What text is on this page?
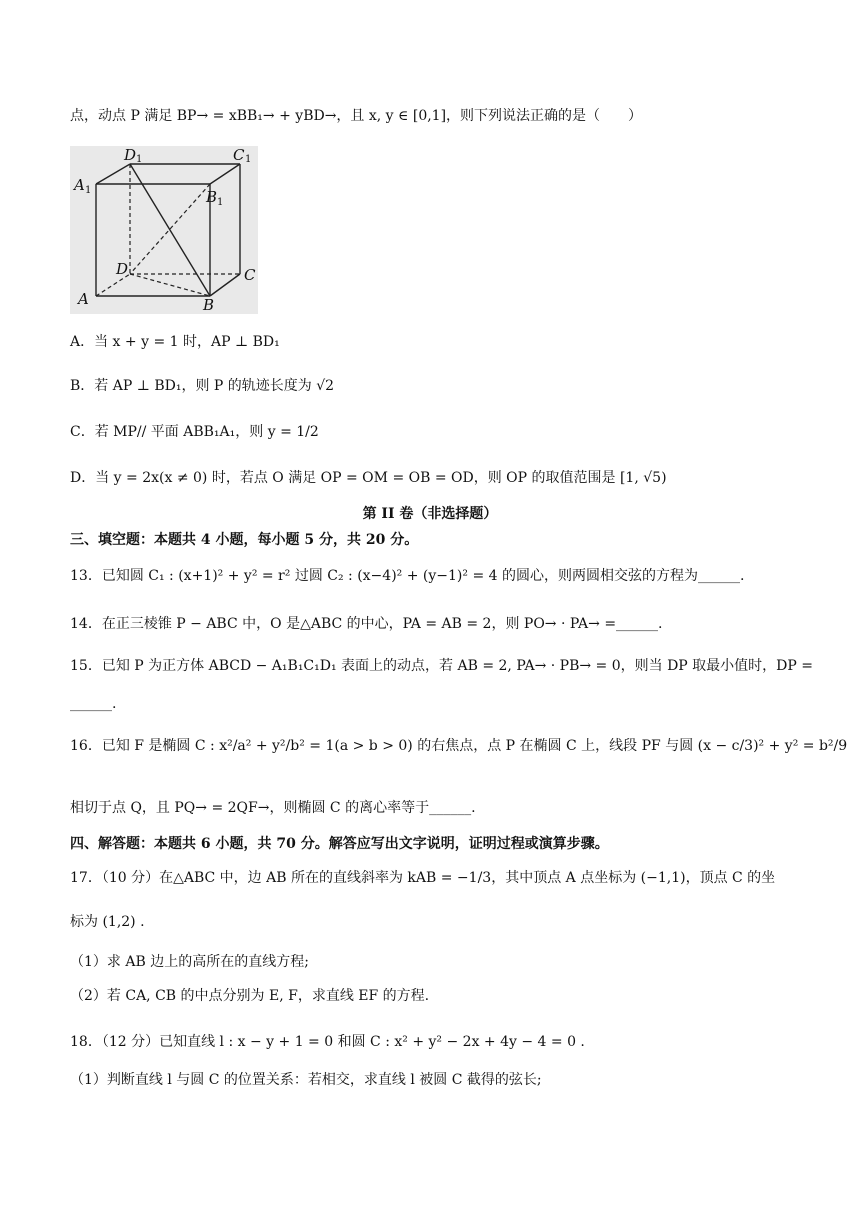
点，动点 P 满足 BP→ = xBB₁→ + yBD→，且 x, y ∈ [0,1]，则下列说法正确的是（　　）
D 1	C 1
A 1	B 1
D	C
A	B
A．当 x + y = 1 时，AP ⊥ BD₁
B．若 AP ⊥ BD₁，则 P 的轨迹长度为 √2
C．若 MP// 平面 ABB₁A₁，则 y = 1/2
D．当 y = 2x(x ≠ 0) 时，若点 O 满足 OP = OM = OB = OD，则 OP 的取值范围是 [1, √5)
第 II 卷（非选择题）
三、填空题：本题共 4 小题，每小题 5 分，共 20 分。
13．已知圆 C₁ : (x+1)² + y² = r² 过圆 C₂ : (x−4)² + (y−1)² = 4 的圆心，则两圆相交弦的方程为______.
14．在正三棱锥 P − ABC 中，O 是△ABC 的中心，PA = AB = 2，则 PO→ · PA→ =______.
15．已知 P 为正方体 ABCD − A₁B₁C₁D₁ 表面上的动点，若 AB = 2, PA→ · PB→ = 0，则当 DP 取最小值时，DP =
______.
16．已知 F 是椭圆 C : x²/a² + y²/b² = 1(a > b > 0) 的右焦点，点 P 在椭圆 C 上，线段 PF 与圆 (x − c/3)² + y² = b²/9
相切于点 Q，且 PQ→ = 2QF→，则椭圆 C 的离心率等于______.
四、解答题：本题共 6 小题，共 70 分。解答应写出文字说明，证明过程或演算步骤。
17．（10 分）在△ABC 中，边 AB 所在的直线斜率为 kAB = −1/3，其中顶点 A 点坐标为 (−1,1)，顶点 C 的坐
标为 (1,2) .
（1）求 AB 边上的高所在的直线方程;
（2）若 CA, CB 的中点分别为 E, F，求直线 EF 的方程.
18．（12 分）已知直线 l : x − y + 1 = 0 和圆 C : x² + y² − 2x + 4y − 4 = 0 .
（1）判断直线 l 与圆 C 的位置关系：若相交，求直线 l 被圆 C 截得的弦长;
